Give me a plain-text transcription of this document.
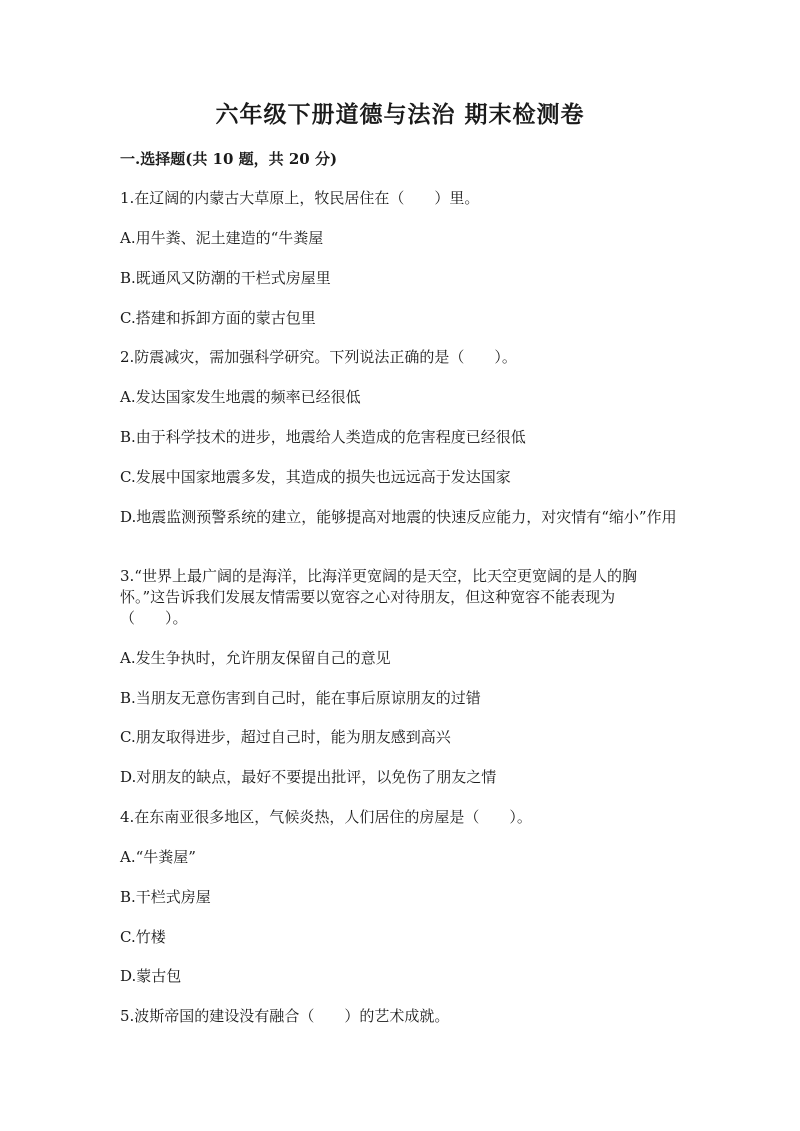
六年级下册道德与法治 期末检测卷
一.选择题(共 10 题，共 20 分)
1.在辽阔的内蒙古大草原上，牧民居住在（　　）里。
A.用牛粪、泥土建造的“牛粪屋
B.既通风又防潮的干栏式房屋里
C.搭建和拆卸方面的蒙古包里
2.防震减灾，需加强科学研究。下列说法正确的是（　　）。
A.发达国家发生地震的频率已经很低
B.由于科学技术的进步，地震给人类造成的危害程度已经很低
C.发展中国家地震多发，其造成的损失也远远高于发达国家
D.地震监测预警系统的建立，能够提高对地震的快速反应能力，对灾情有“缩小”作用
3.“世界上最广阔的是海洋，比海洋更宽阔的是天空，比天空更宽阔的是人的胸怀。”这告诉我们发展友情需要以宽容之心对待朋友，但这种宽容不能表现为（　　）。
A.发生争执时，允许朋友保留自己的意见
B.当朋友无意伤害到自己时，能在事后原谅朋友的过错
C.朋友取得进步，超过自己时，能为朋友感到高兴
D.对朋友的缺点，最好不要提出批评，以免伤了朋友之情
4.在东南亚很多地区，气候炎热，人们居住的房屋是（　　）。
A.“牛粪屋”
B.干栏式房屋
C.竹楼
D.蒙古包
5.波斯帝国的建设没有融合（　　）的艺术成就。
